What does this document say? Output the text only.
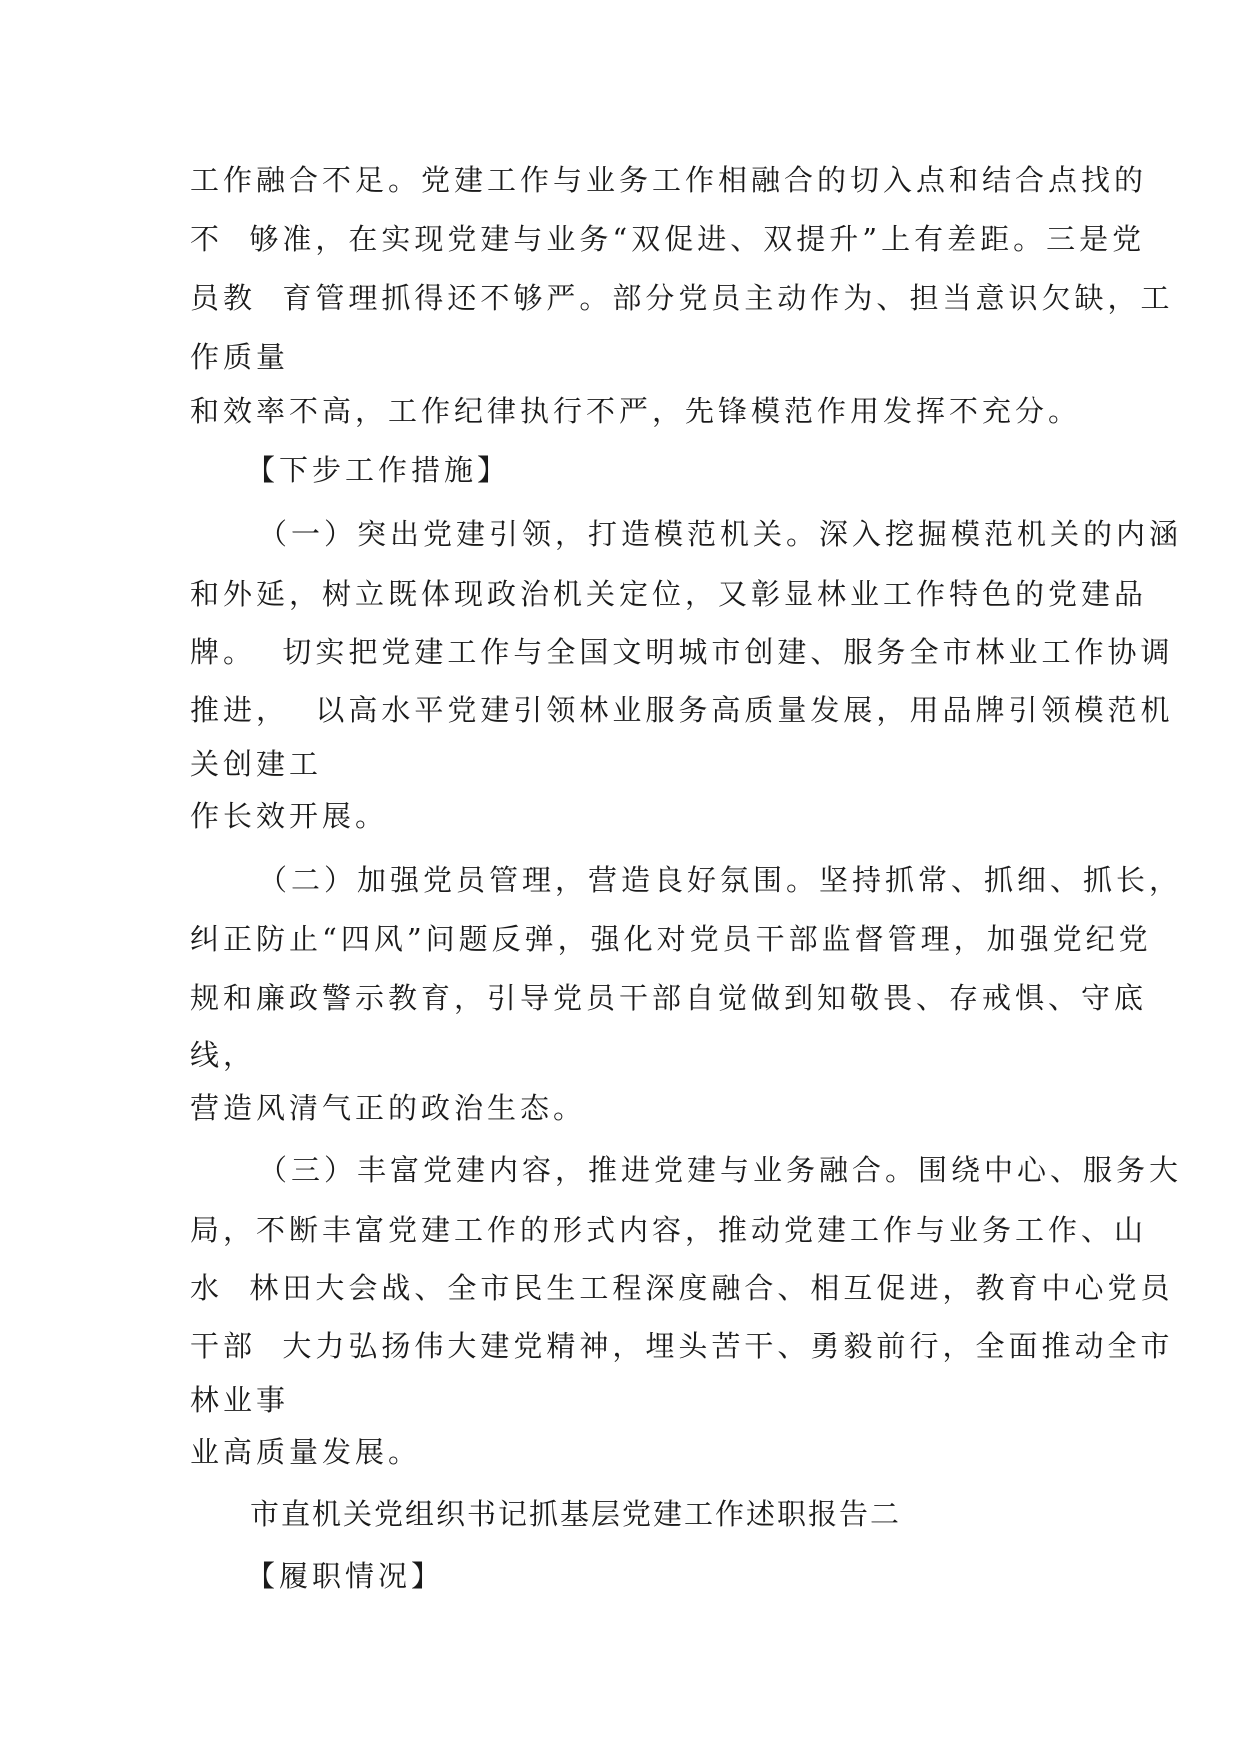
工作融合不足。党建工作与业务工作相融合的切入点和结合点找的
不  够准，在实现党建与业务“双促进、双提升”上有差距。三是党
员教  育管理抓得还不够严。部分党员主动作为、担当意识欠缺，工
作质量
和效率不高，工作纪律执行不严，先锋模范作用发挥不充分。
【下步工作措施】
（一）突出党建引领，打造模范机关。深入挖掘模范机关的内涵
和外延，树立既体现政治机关定位，又彰显林业工作特色的党建品
牌。  切实把党建工作与全国文明城市创建、服务全市林业工作协调
推进，  以高水平党建引领林业服务高质量发展，用品牌引领模范机
关创建工
作长效开展。
（二）加强党员管理，营造良好氛围。坚持抓常、抓细、抓长，
纠正防止“四风”问题反弹，强化对党员干部监督管理，加强党纪党
规和廉政警示教育，引导党员干部自觉做到知敬畏、存戒惧、守底
线，
营造风清气正的政治生态。
（三）丰富党建内容，推进党建与业务融合。围绕中心、服务大
局，不断丰富党建工作的形式内容，推动党建工作与业务工作、山
水  林田大会战、全市民生工程深度融合、相互促进，教育中心党员
干部  大力弘扬伟大建党精神，埋头苦干、勇毅前行，全面推动全市
林业事
业高质量发展。
市直机关党组织书记抓基层党建工作述职报告二
【履职情况】
